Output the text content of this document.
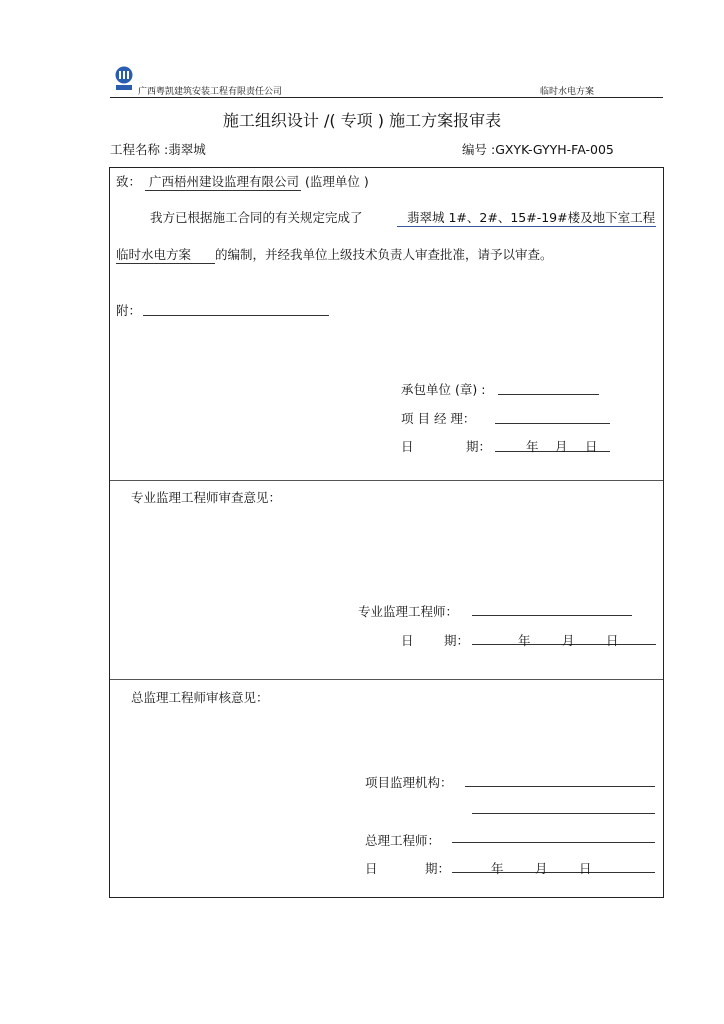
广西粤凯建筑安装工程有限责任公司	临时水电方案
施工组织设计 /( 专项 ) 施工方案报审表
工程名称 :翡翠城	编号 :GXYK-GYYH-FA-005
致： 广西梧州建设监理有限公司 (监理单位 )
我方已根据施工合同的有关规定完成了	翡翠城 1#、2#、15#-19#楼及地下室工程
临时水电方案 的编制，并经我单位上级技术负责人审查批准，请予以审查。
附：
承包单位 (章) :
项 目 经 理：
日	期：	年 月 日
专业监理工程师审查意见：
专业监理工程师：
日 期：	年	月	日
总监理工程师审核意见：
项目监理机构：
总理工程师：
日	期：	年	月	日
